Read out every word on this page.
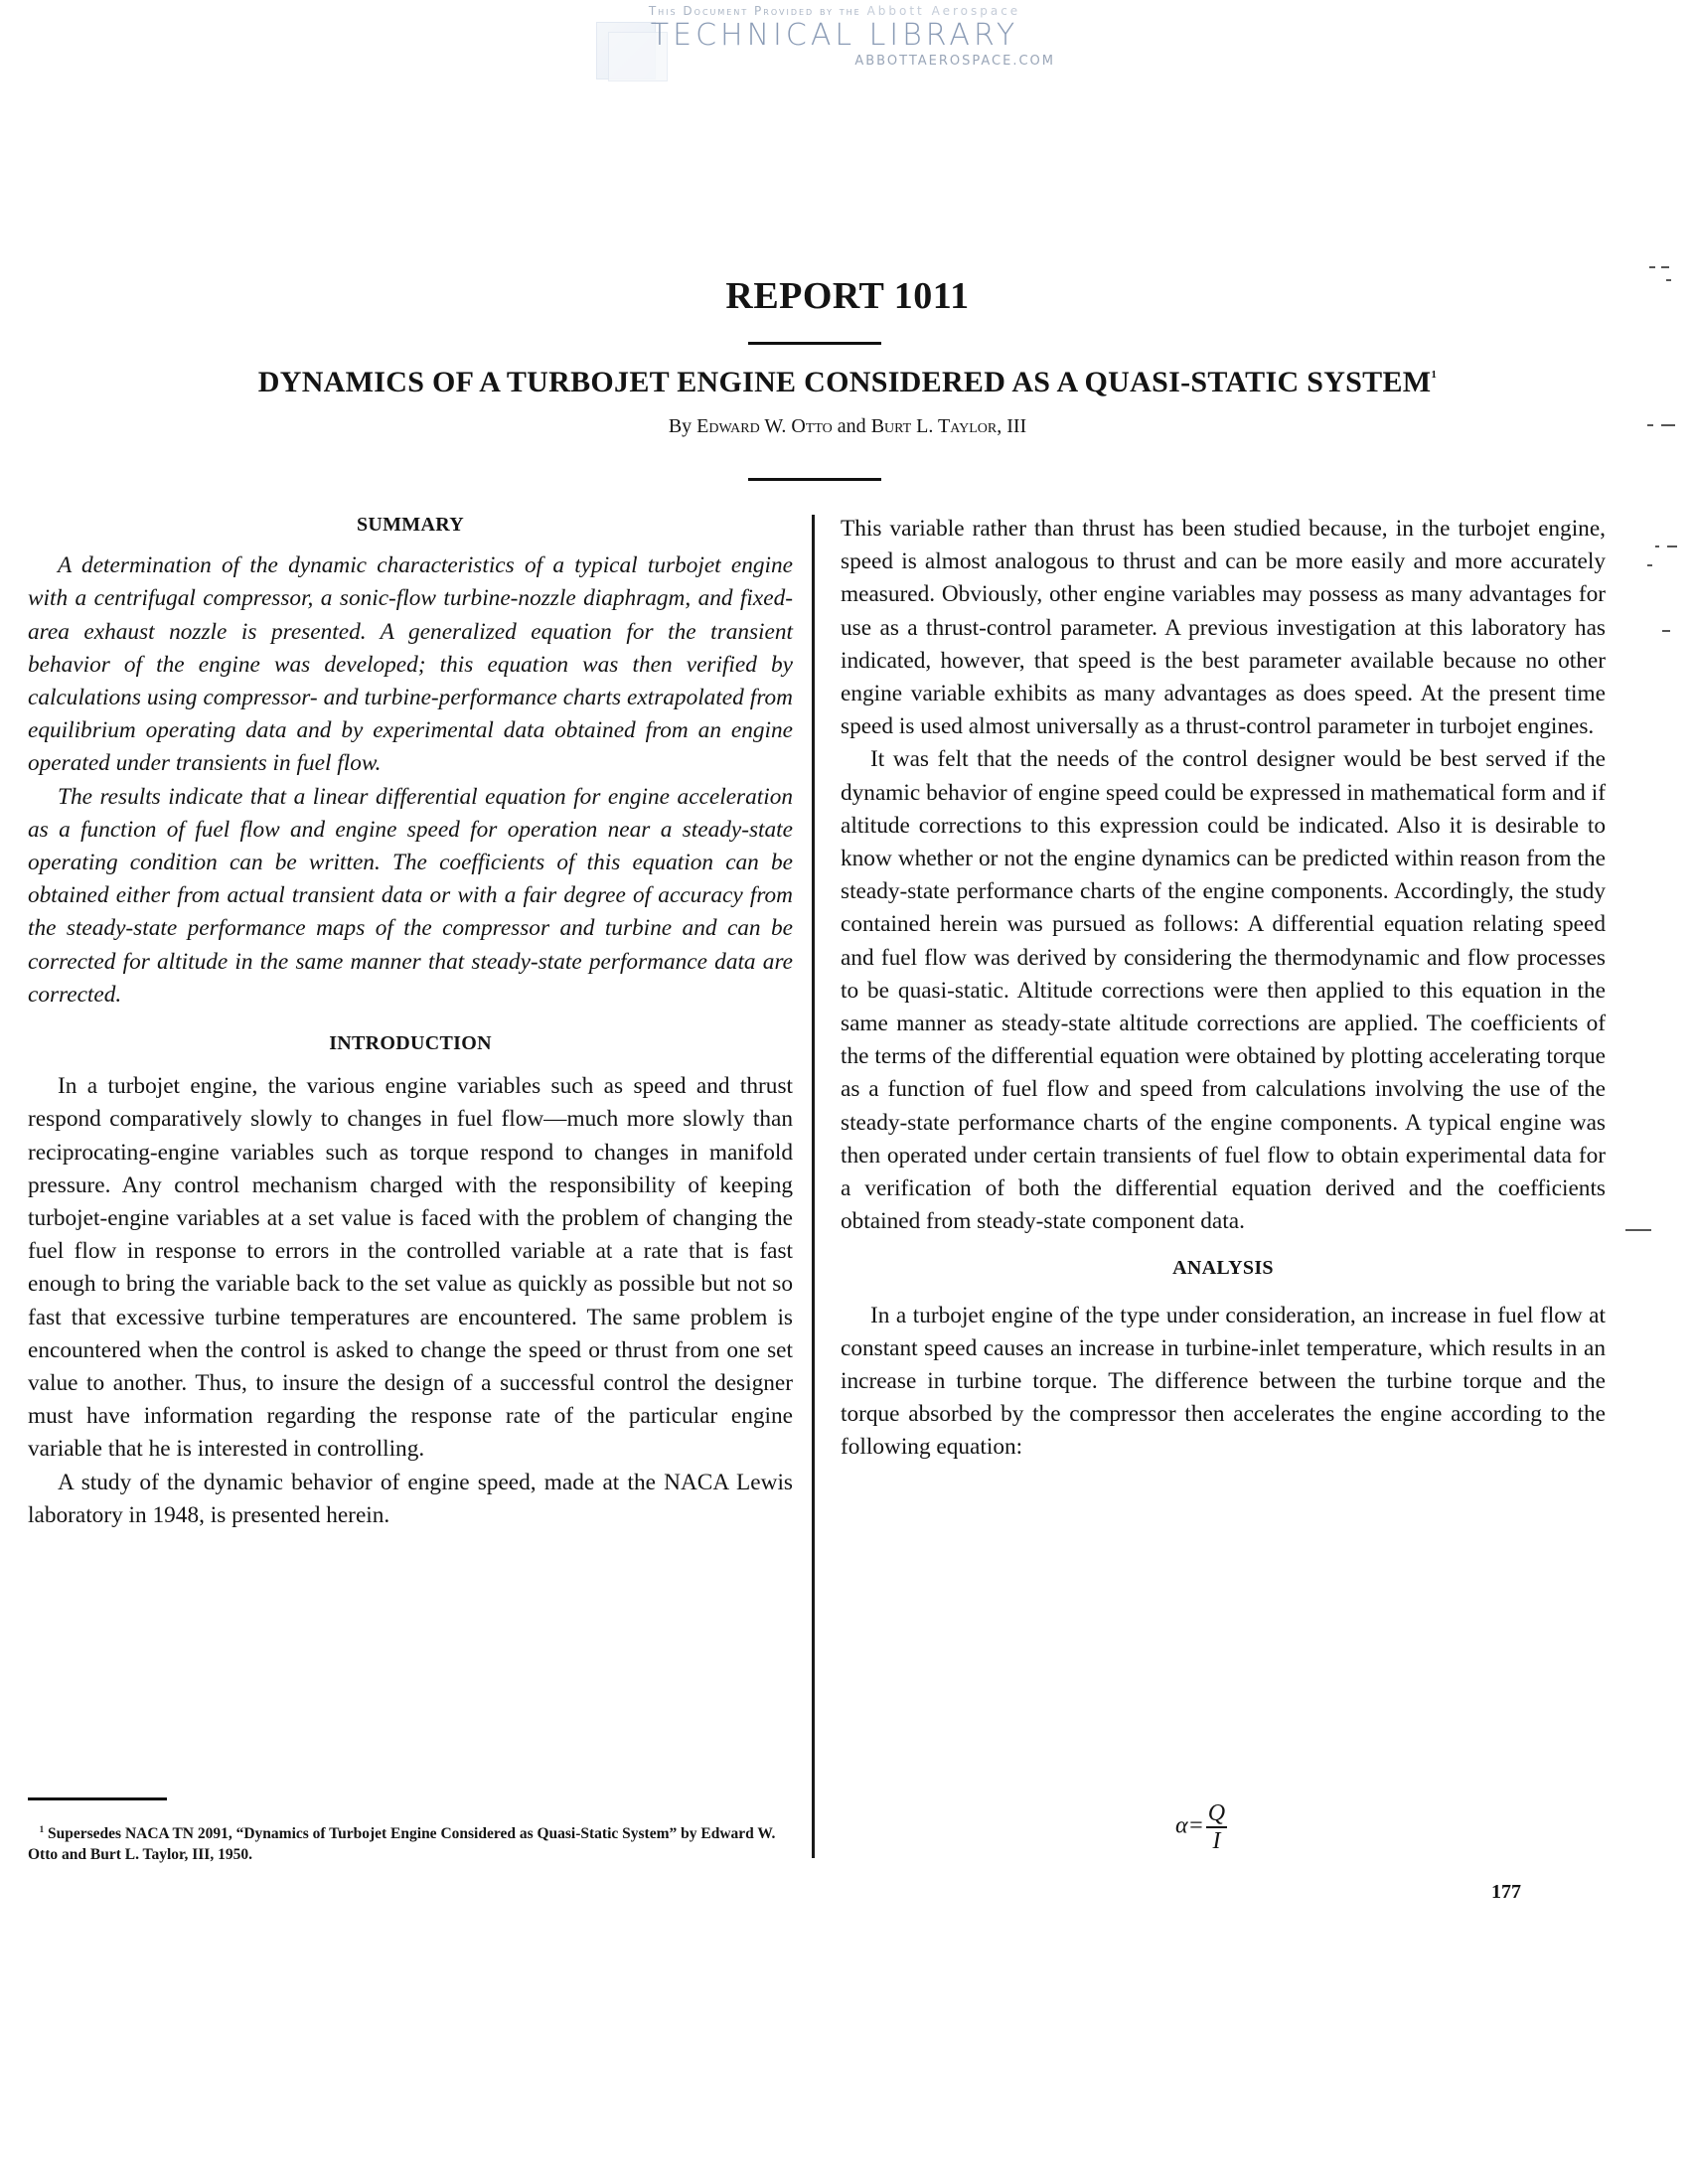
This Document Provided by the Abbott Aerospace
TECHNICAL LIBRARY
ABBOTTAEROSPACE.COM
REPORT 1011
DYNAMICS OF A TURBOJET ENGINE CONSIDERED AS A QUASI-STATIC SYSTEM$^1$
By Edward W. Otto and Burt L. Taylor, III
SUMMARY

A determination of the dynamic characteristics of a typical turbojet engine with a centrifugal compressor, a sonic-flow turbine-nozzle diaphragm, and fixed-area exhaust nozzle is presented. A generalized equation for the transient behavior of the engine was developed; this equation was then verified by calculations using compressor- and turbine-performance charts extrapolated from equilibrium operating data and by experimental data obtained from an engine operated under transients in fuel flow.

The results indicate that a linear differential equation for engine acceleration as a function of fuel flow and engine speed for operation near a steady-state operating condition can be written. The coefficients of this equation can be obtained either from actual transient data or with a fair degree of accuracy from the steady-state performance maps of the compressor and turbine and can be corrected for altitude in the same manner that steady-state performance data are corrected.

INTRODUCTION

In a turbojet engine, the various engine variables such as speed and thrust respond comparatively slowly to changes in fuel flow—much more slowly than reciprocating-engine variables such as torque respond to changes in manifold pressure. Any control mechanism charged with the responsibility of keeping turbojet-engine variables at a set value is faced with the problem of changing the fuel flow in response to errors in the controlled variable at a rate that is fast enough to bring the variable back to the set value as quickly as possible but not so fast that excessive turbine temperatures are encountered. The same problem is encountered when the control is asked to change the speed or thrust from one set value to another. Thus, to insure the design of a successful control the designer must have information regarding the response rate of the particular engine variable that he is interested in controlling.

A study of the dynamic behavior of engine speed, made at the NACA Lewis laboratory in 1948, is presented herein.

$^1$ Supersedes NACA TN 2091, “Dynamics of Turbojet Engine Considered as Quasi-Static System” by Edward W. Otto and Burt L. Taylor, III, 1950.

This variable rather than thrust has been studied because, in the turbojet engine, speed is almost analogous to thrust and can be more easily and more accurately measured. Obviously, other engine variables may possess as many advantages for use as a thrust-control parameter. A previous investigation at this laboratory has indicated, however, that speed is the best parameter available because no other engine variable exhibits as many advantages as does speed. At the present time speed is used almost universally as a thrust-control parameter in turbojet engines.

It was felt that the needs of the control designer would be best served if the dynamic behavior of engine speed could be expressed in mathematical form and if altitude corrections to this expression could be indicated. Also it is desirable to know whether or not the engine dynamics can be predicted within reason from the steady-state performance charts of the engine components. Accordingly, the study contained herein was pursued as follows: A differential equation relating speed and fuel flow was derived by considering the thermodynamic and flow processes to be quasi-static. Altitude corrections were then applied to this equation in the same manner as steady-state altitude corrections are applied. The coefficients of the terms of the differential equation were obtained by plotting accelerating torque as a function of fuel flow and speed from calculations involving the use of the steady-state performance charts of the engine components. A typical engine was then operated under certain transients of fuel flow to obtain experimental data for a verification of both the differential equation derived and the coefficients obtained from steady-state component data.

ANALYSIS

In a turbojet engine of the type under consideration, an increase in fuel flow at constant speed causes an increase in turbine-inlet temperature, which results in an increase in turbine torque. The difference between the turbine torque and the torque absorbed by the compressor then accelerates the engine according to the following equation:

$\alpha= \frac{Q}{I}$
177
